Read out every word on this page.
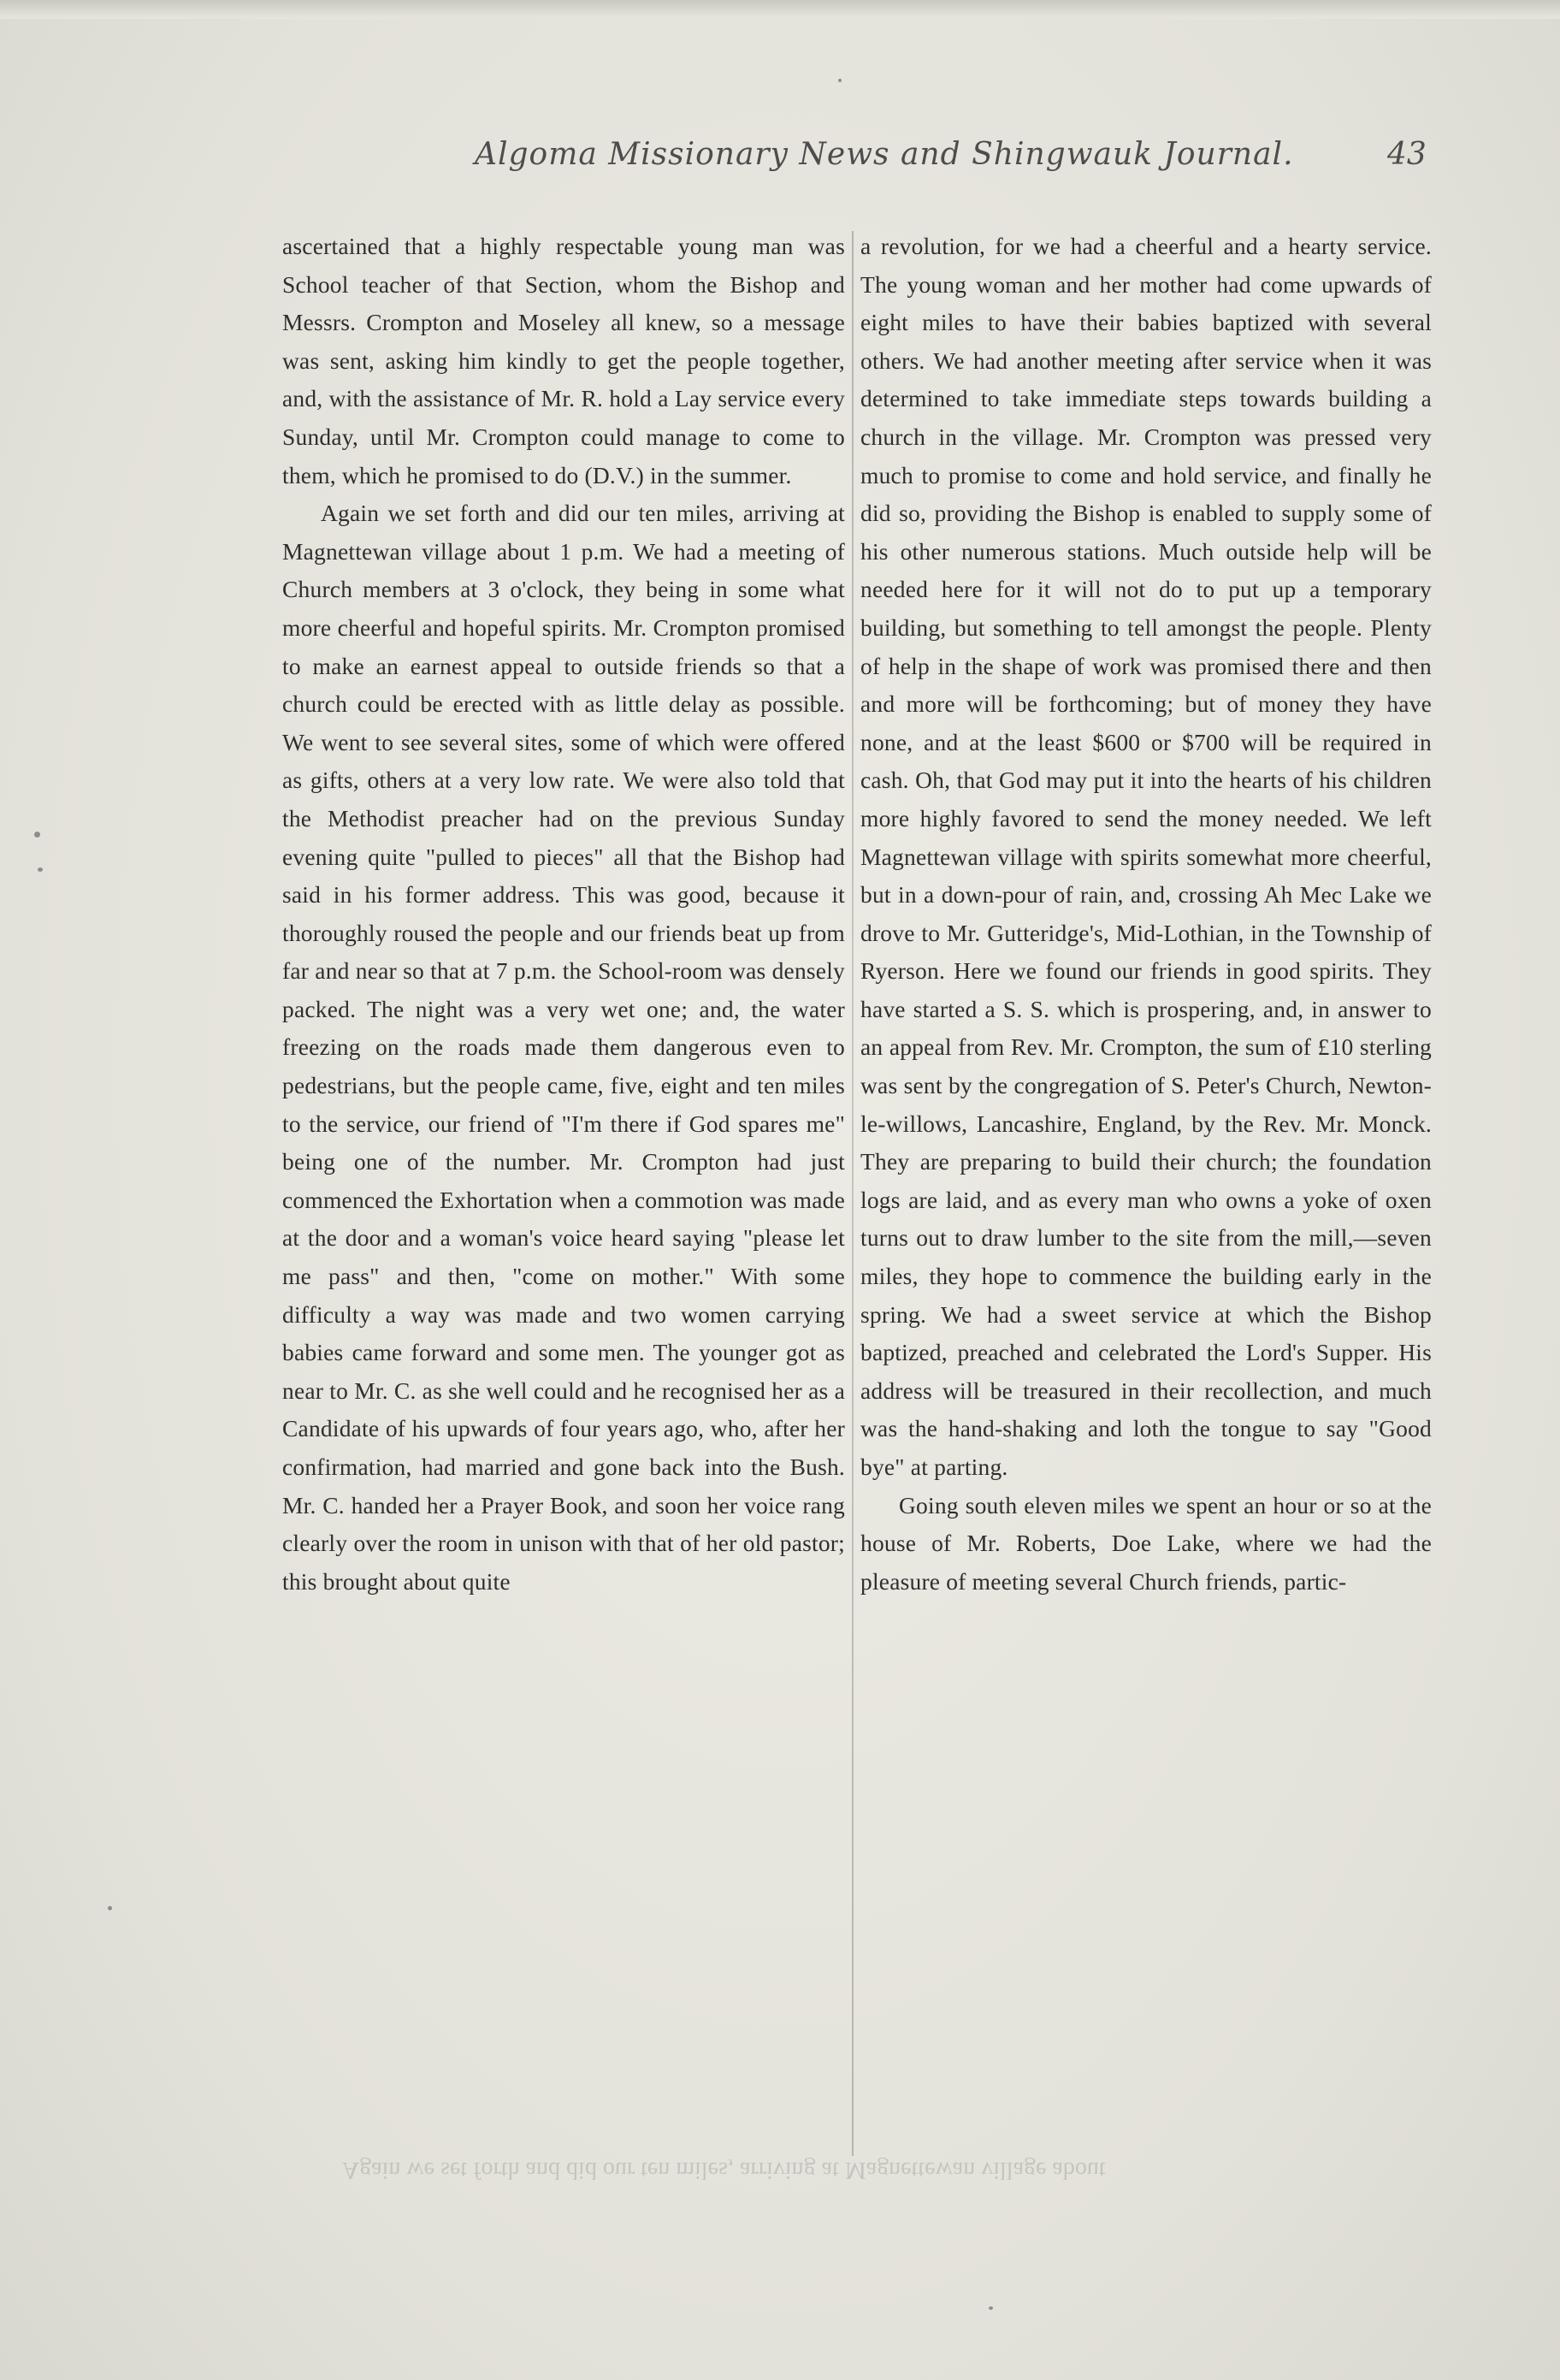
Algoma Missionary News and Shingwauk Journal.	43

ascertained that a highly respectable young man was School teacher of that Section, whom the Bishop and Messrs. Crompton and Moseley all knew, so a message was sent, asking him kindly to get the people together, and, with the assistance of Mr. R. hold a Lay service every Sunday, until Mr. Crompton could manage to come to them, which he promised to do (D.V.) in the summer.

Again we set forth and did our ten miles, arriving at Magnettewan village about 1 p.m. We had a meeting of Church members at 3 o'clock, they being in some what more cheerful and hopeful spirits. Mr. Crompton promised to make an earnest appeal to outside friends so that a church could be erected with as little delay as possible. We went to see several sites, some of which were offered as gifts, others at a very low rate. We were also told that the Methodist preacher had on the previous Sunday evening quite "pulled to pieces" all that the Bishop had said in his former address. This was good, because it thoroughly roused the people and our friends beat up from far and near so that at 7 p.m. the School-room was densely packed. The night was a very wet one; and, the water freezing on the roads made them dangerous even to pedestrians, but the people came, five, eight and ten miles to the service, our friend of "I'm there if God spares me" being one of the number. Mr. Crompton had just commenced the Exhortation when a commotion was made at the door and a woman's voice heard saying "please let me pass" and then, "come on mother." With some difficulty a way was made and two women carrying babies came forward and some men. The younger got as near to Mr. C. as she well could and he recognised her as a Candidate of his upwards of four years ago, who, after her confirmation, had married and gone back into the Bush. Mr. C. handed her a Prayer Book, and soon her voice rang clearly over the room in unison with that of her old pastor; this brought about quite

a revolution, for we had a cheerful and a hearty service. The young woman and her mother had come upwards of eight miles to have their babies baptized with several others. We had another meeting after service when it was determined to take immediate steps towards building a church in the village. Mr. Crompton was pressed very much to promise to come and hold service, and finally he did so, providing the Bishop is enabled to supply some of his other numerous stations. Much outside help will be needed here for it will not do to put up a temporary building, but something to tell amongst the people. Plenty of help in the shape of work was promised there and then and more will be forthcoming; but of money they have none, and at the least $600 or $700 will be required in cash. Oh, that God may put it into the hearts of his children more highly favored to send the money needed. We left Magnettewan village with spirits somewhat more cheerful, but in a down-pour of rain, and, crossing Ah Mec Lake we drove to Mr. Gutteridge's, Mid-Lothian, in the Township of Ryerson. Here we found our friends in good spirits. They have started a S. S. which is prospering, and, in answer to an appeal from Rev. Mr. Crompton, the sum of £10 sterling was sent by the congregation of S. Peter's Church, Newton-le-willows, Lancashire, England, by the Rev. Mr. Monck. They are preparing to build their church; the foundation logs are laid, and as every man who owns a yoke of oxen turns out to draw lumber to the site from the mill,—seven miles, they hope to commence the building early in the spring. We had a sweet service at which the Bishop baptized, preached and celebrated the Lord's Supper. His address will be treasured in their recollection, and much was the hand-shaking and loth the tongue to say "Good bye" at parting.

Going south eleven miles we spent an hour or so at the house of Mr. Roberts, Doe Lake, where we had the pleasure of meeting several Church friends, partic-

Again we set forth and did our ten miles, arriving at Magnettewan village about
